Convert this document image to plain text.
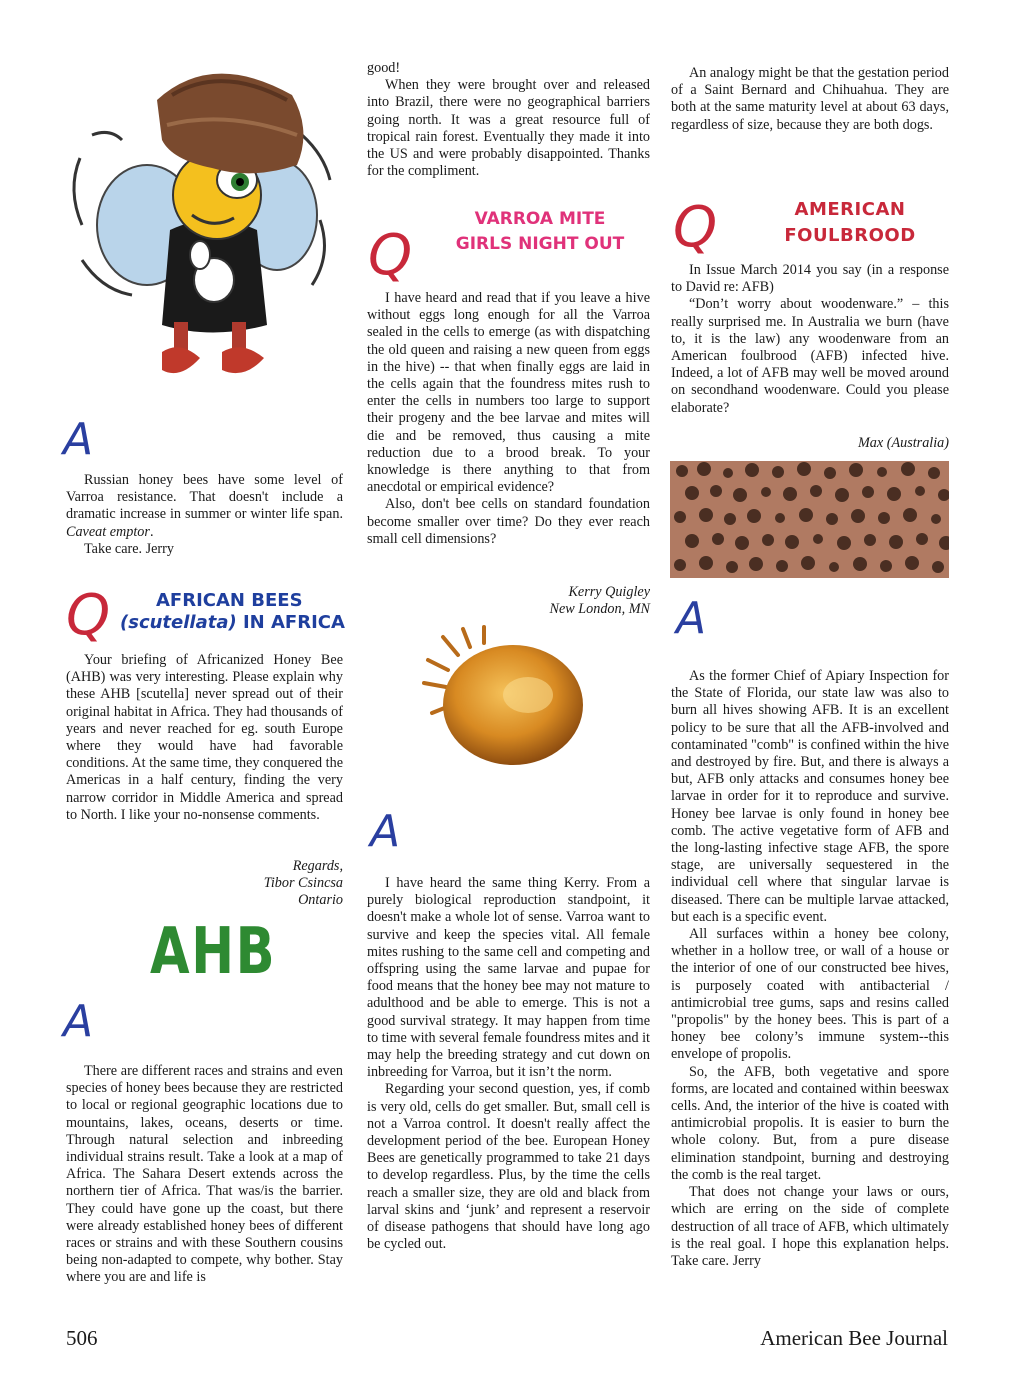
A

Russian honey bees have some level of Varroa resistance. That doesn't include a dramatic increase in summer or winter life span. Caveat emptor.

Take care. Jerry

Q	AFRICAN BEES
(scutellata) IN AFRICA

Your briefing of Africanized Honey Bee (AHB) was very interesting. Please explain why these AHB [scutella] never spread out of their original habitat in Africa. They had thousands of years and never reached for eg. south Europe where they would have had favorable conditions. At the same time, they conquered the Americas in a half century, finding the very narrow corridor in Middle America and spread to North. I like your no-nonsense comments.

Regards,

Tibor Csincsa

Ontario

AHB
A

There are different races and strains and even species of honey bees because they are restricted to local or regional geographic locations due to mountains, lakes, oceans, deserts or time. Through natural selection and inbreeding individual strains result. Take a look at a map of Africa. The Sahara Desert extends across the northern tier of Africa. That was/is the barrier. They could have gone up the coast, but there were already established honey bees of different races or strains and with these Southern cousins being non-adapted to compete, why bother. Stay where you are and life is

good!

When they were brought over and released into Brazil, there were no geographical barriers going north. It was a great resource full of tropical rain forest. Eventually they made it into the US and were probably disappointed. Thanks for the compliment.

Q
VARROA MITE
GIRLS NIGHT OUT

I have heard and read that if you leave a hive without eggs long enough for all the Varroa sealed in the cells to emerge (as with dispatching the old queen and raising a new queen from eggs in the hive) -- that when finally eggs are laid in the cells again that the foundress mites rush to enter the cells in numbers too large to support their progeny and the bee larvae and mites will die and be removed, thus causing a mite reduction due to a brood break. To your knowledge is there anything to that from anecdotal or empirical evidence?

Also, don't bee cells on standard foundation become smaller over time? Do they ever reach small cell dimensions?

Kerry Quigley

New London, MN

A

I have heard the same thing Kerry. From a purely biological reproduction standpoint, it doesn't make a whole lot of sense. Varroa want to survive and keep the species vital. All female mites rushing to the same cell and competing and offspring using the same larvae and pupae for food means that the honey bee may not mature to adulthood and be able to emerge. This is not a good survival strategy. It may happen from time to time with several female foundress mites and it may help the breeding strategy and cut down on inbreeding for Varroa, but it isn’t the norm.

Regarding your second question, yes, if comb is very old, cells do get smaller. But, small cell is not a Varroa control. It doesn't really affect the development period of the bee. European Honey Bees are genetically programmed to take 21 days to develop regardless. Plus, by the time the cells reach a smaller size, they are old and black from larval skins and ‘junk’ and represent a reservoir of disease pathogens that should have long ago be cycled out.

An analogy might be that the gestation period of a Saint Bernard and Chihuahua. They are both at the same maturity level at about 63 days, regardless of size, because they are both dogs.

Q	AMERICAN
FOULBROOD

In Issue March 2014 you say (in a response to David re: AFB)

“Don’t worry about woodenware.” – this really surprised me. In Australia we burn (have to, it is the law) any woodenware from an American foulbrood (AFB) infected hive. Indeed, a lot of AFB may well be moved around on secondhand woodenware. Could you please elaborate?

Max (Australia)

A

As the former Chief of Apiary Inspection for the State of Florida, our state law was also to burn all hives showing AFB. It is an excellent policy to be sure that all the AFB-involved and contaminated "comb" is confined within the hive and destroyed by fire. But, and there is always a but, AFB only attacks and consumes honey bee larvae in order for it to reproduce and survive. Honey bee larvae is only found in honey bee comb. The active vegetative form of AFB and the long-lasting infective stage AFB, the spore stage, are universally sequestered in the individual cell where that singular larvae is diseased. There can be multiple larvae attacked, but each is a specific event.

All surfaces within a honey bee colony, whether in a hollow tree, or wall of a house or the interior of one of our constructed bee hives, is purposely coated with antibacterial / antimicrobial tree gums, saps and resins called "propolis" by the honey bees. This is part of a honey bee colony’s immune system--this envelope of propolis.

So, the AFB, both vegetative and spore forms, are located and contained within beeswax cells. And, the interior of the hive is coated with antimicrobial propolis. It is easier to burn the whole colony. But, from a pure disease elimination standpoint, burning and destroying the comb is the real target.

That does not change your laws or ours, which are erring on the side of complete destruction of all trace of AFB, which ultimately is the real goal. I hope this explanation helps. Take care. Jerry

506	American Bee Journal
